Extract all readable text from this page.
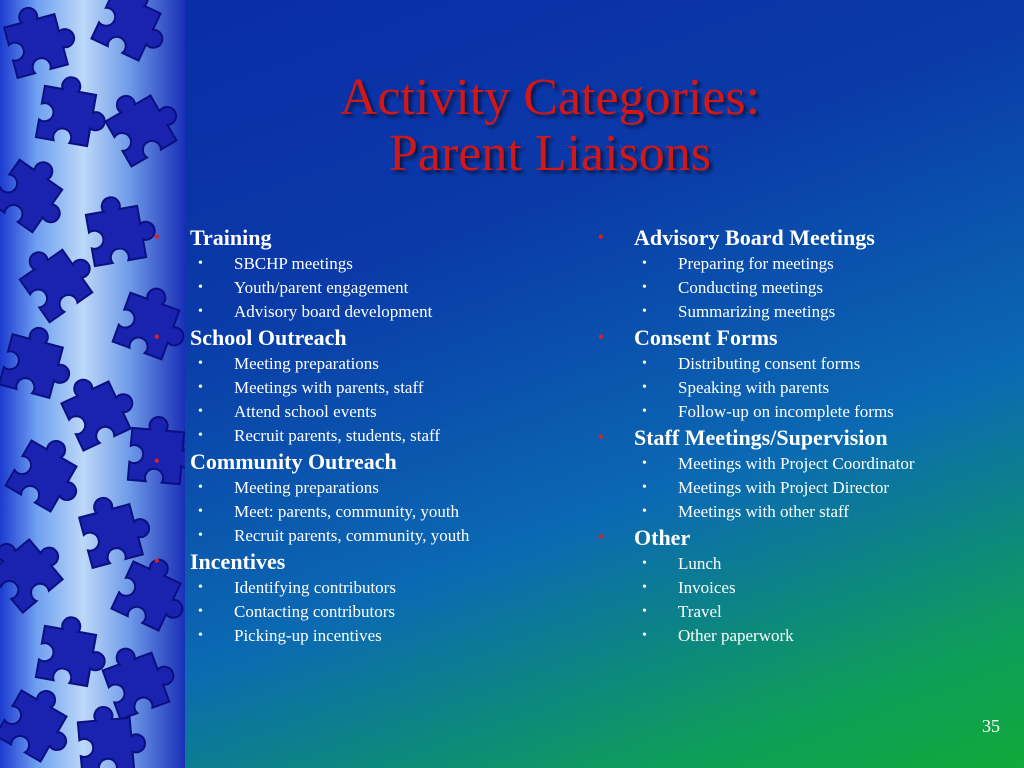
Activity Categories:
Parent Liaisons
• Training
• SBCHP meetings
• Youth/parent engagement
• Advisory board development
• School Outreach
• Meeting preparations
• Meetings with parents, staff
• Attend school events
• Recruit parents, students, staff
• Community Outreach
• Meeting preparations
• Meet: parents, community, youth
• Recruit parents, community, youth
• Incentives
• Identifying contributors
• Contacting contributors
• Picking-up incentives
• Advisory Board Meetings
• Preparing for meetings
• Conducting meetings
• Summarizing meetings
• Consent Forms
• Distributing consent forms
• Speaking with parents
• Follow-up on incomplete forms
• Staff Meetings/Supervision
• Meetings with Project Coordinator
• Meetings with Project Director
• Meetings with other staff
• Other
• Lunch
• Invoices
• Travel
• Other paperwork
35
